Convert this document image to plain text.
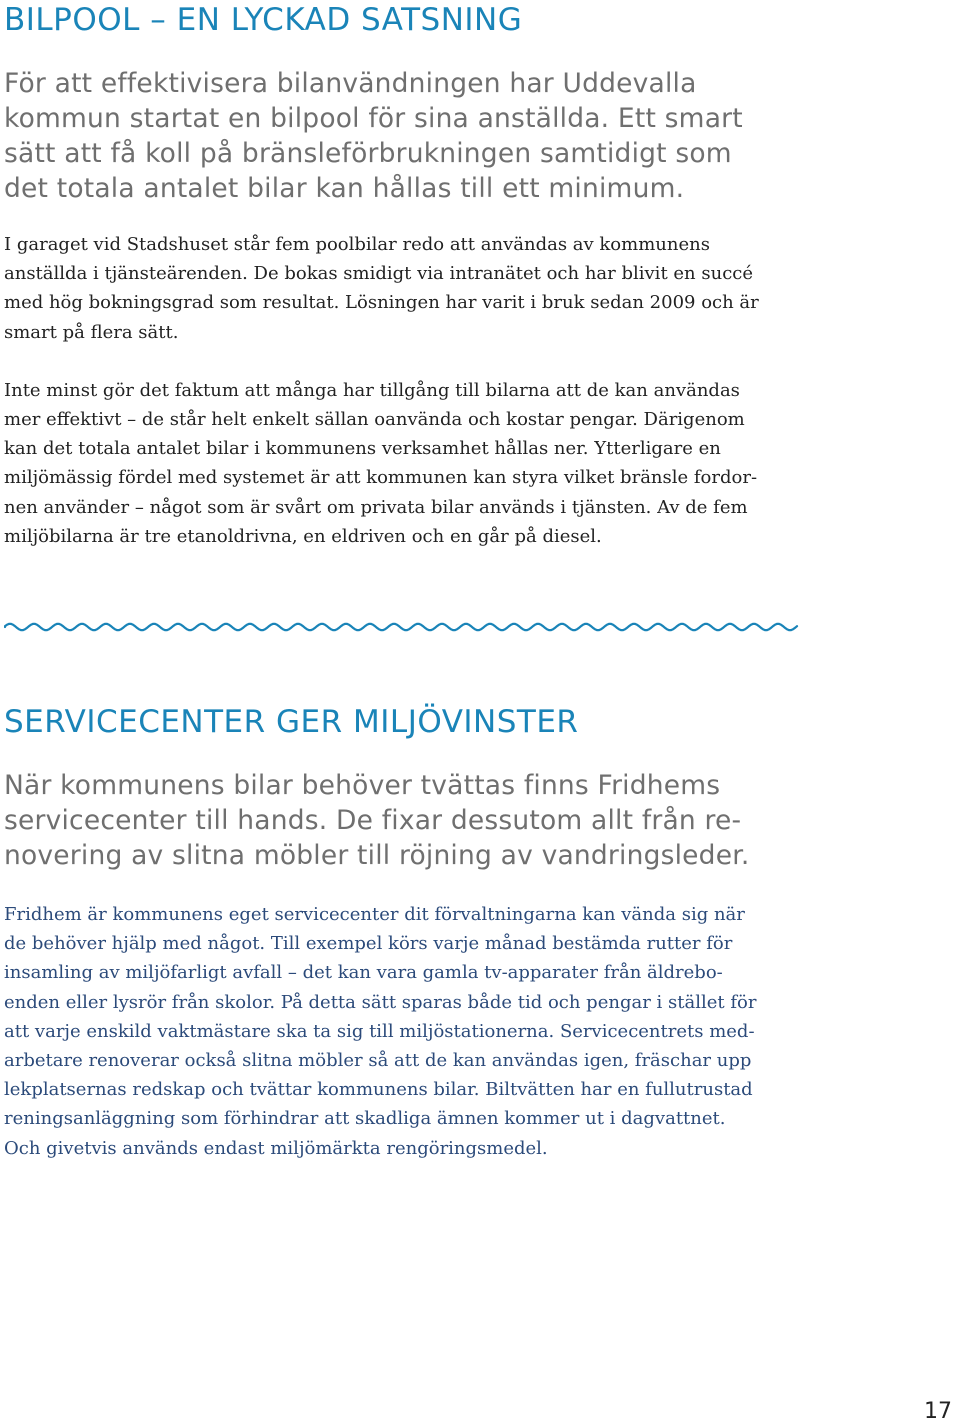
BILPOOL – EN LYCKAD SATSNING

För att effektivisera bilanvändningen har Uddevalla
kommun startat en bilpool för sina anställda. Ett smart
sätt att få koll på bränsleförbrukningen samtidigt som
det totala antalet bilar kan hållas till ett minimum.

I garaget vid Stadshuset står fem poolbilar redo att användas av kommunens
anställda i tjänsteärenden. De bokas smidigt via intranätet och har blivit en succé
med hög bokningsgrad som resultat. Lösningen har varit i bruk sedan 2009 och är
smart på flera sätt.

Inte minst gör det faktum att många har tillgång till bilarna att de kan användas
mer effektivt – de står helt enkelt sällan oanvända och kostar pengar. Därigenom
kan det totala antalet bilar i kommunens verksamhet hållas ner. Ytterligare en
miljömässig fördel med systemet är att kommunen kan styra vilket bränsle fordor-
nen använder – något som är svårt om privata bilar används i tjänsten. Av de fem
miljöbilarna är tre etanoldrivna, en eldriven och en går på diesel.

SERVICECENTER GER MILJÖVINSTER

När kommunens bilar behöver tvättas finns Fridhems
servicecenter till hands. De fixar dessutom allt från re-
novering av slitna möbler till röjning av vandringsleder.

Fridhem är kommunens eget servicecenter dit förvaltningarna kan vända sig när
de behöver hjälp med något. Till exempel körs varje månad bestämda rutter för
insamling av miljöfarligt avfall – det kan vara gamla tv-apparater från äldrebo-
enden eller lysrör från skolor. På detta sätt sparas både tid och pengar i stället för
att varje enskild vaktmästare ska ta sig till miljöstationerna. Servicecentrets med-
arbetare renoverar också slitna möbler så att de kan användas igen, fräschar upp
lekplatsernas redskap och tvättar kommunens bilar. Biltvätten har en fullutrustad
reningsanläggning som förhindrar att skadliga ämnen kommer ut i dagvattnet.
Och givetvis används endast miljömärkta rengöringsmedel.

17
